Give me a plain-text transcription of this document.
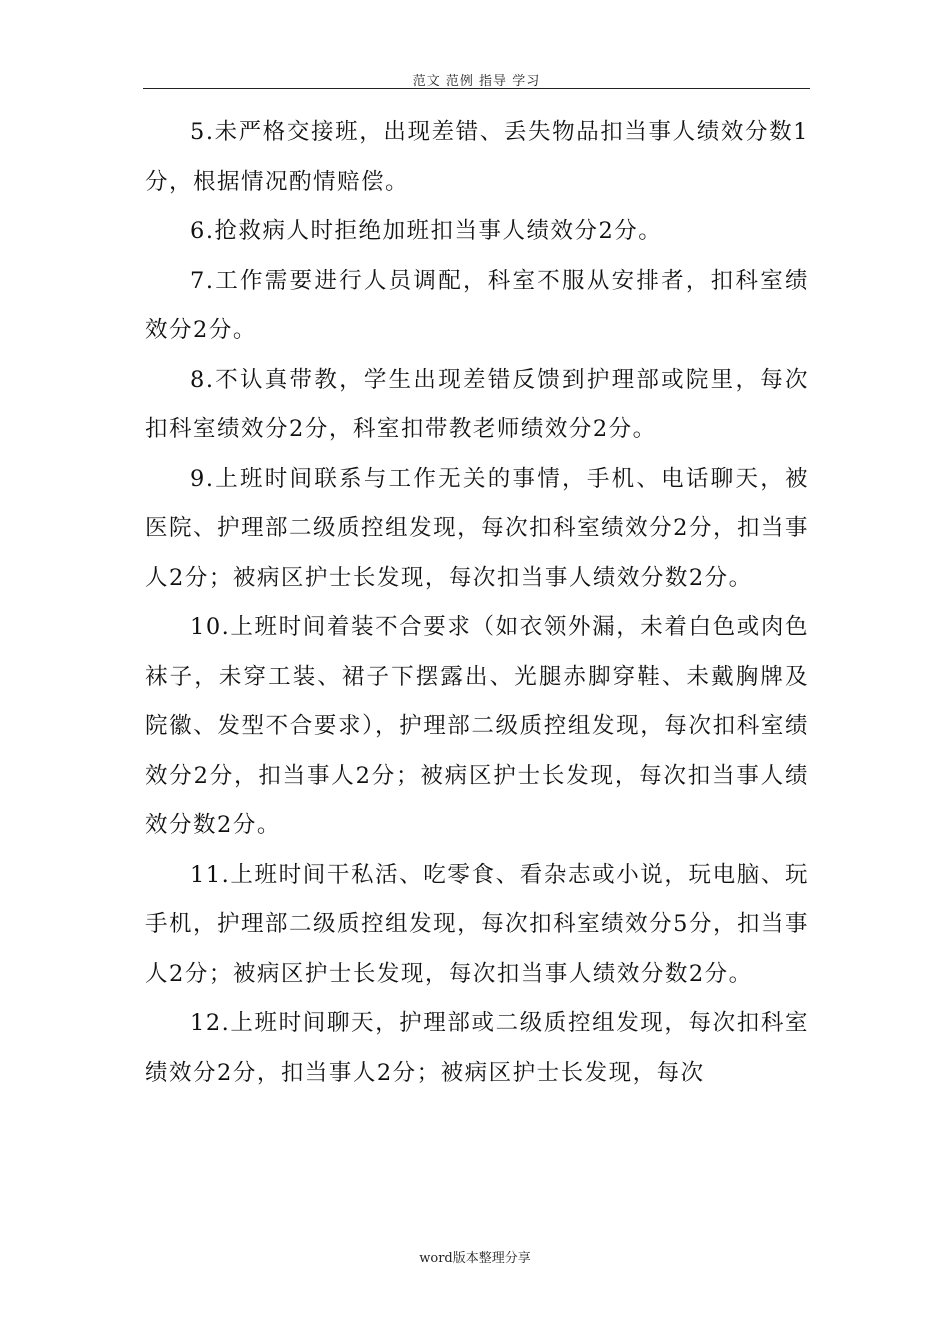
范文 范例 指导 学习

5.未严格交接班，出现差错、丢失物品扣当事人绩效分数1分，根据情况酌情赔偿。

6.抢救病人时拒绝加班扣当事人绩效分2分。

7.工作需要进行人员调配，科室不服从安排者，扣科室绩效分2分。

8.不认真带教，学生出现差错反馈到护理部或院里，每次扣科室绩效分2分，科室扣带教老师绩效分2分。

9.上班时间联系与工作无关的事情，手机、电话聊天，被医院、护理部二级质控组发现，每次扣科室绩效分2分，扣当事人2分；被病区护士长发现，每次扣当事人绩效分数2分。

10.上班时间着装不合要求（如衣领外漏，未着白色或肉色袜子，未穿工装、裙子下摆露出、光腿赤脚穿鞋、未戴胸牌及院徽、发型不合要求），护理部二级质控组发现，每次扣科室绩效分2分，扣当事人2分；被病区护士长发现，每次扣当事人绩效分数2分。

11.上班时间干私活、吃零食、看杂志或小说，玩电脑、玩手机，护理部二级质控组发现，每次扣科室绩效分5分，扣当事人2分；被病区护士长发现，每次扣当事人绩效分数2分。

12.上班时间聊天，护理部或二级质控组发现，每次扣科室绩效分2分，扣当事人2分；被病区护士长发现，每次

word版本整理分享
